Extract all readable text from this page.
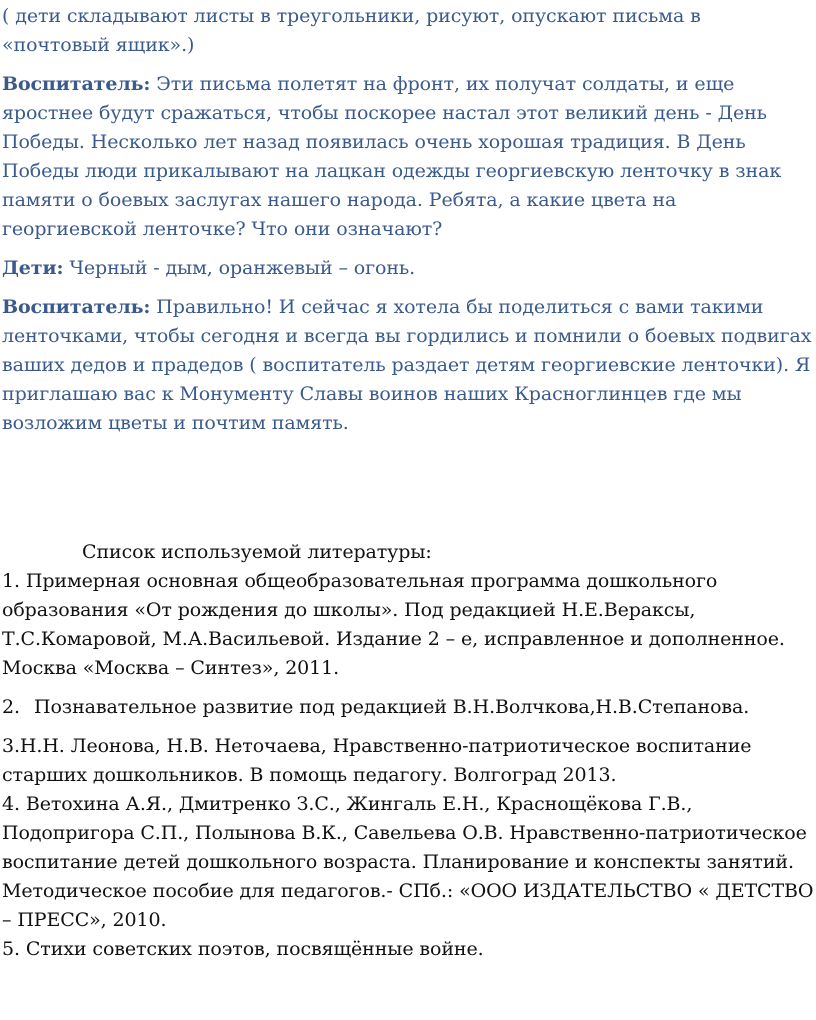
( дети складывают листы в треугольники, рисуют, опускают письма в «почтовый ящик».)

Воспитатель: Эти письма полетят на фронт, их получат солдаты, и еще яростнее будут сражаться, чтобы поскорее настал этот великий день - День Победы. Несколько лет назад появилась очень хорошая традиция. В День Победы люди прикалывают на лацкан одежды георгиевскую ленточку в знак памяти о боевых заслугах нашего народа. Ребята, а какие цвета на георгиевской ленточке? Что они означают?

Дети: Черный - дым, оранжевый – огонь.

Воспитатель: Правильно! И сейчас я хотела бы поделиться с вами такими ленточками, чтобы сегодня и всегда вы гордились и помнили о боевых подвигах ваших дедов и прадедов ( воспитатель раздает детям георгиевские ленточки). Я приглашаю вас к Монументу Славы воинов наших Красноглинцев где мы возложим цветы и почтим память.

Список используемой литературы:

1. Примерная основная общеобразовательная программа дошкольного образования «От рождения до школы». Под редакцией Н.Е.Вераксы, Т.С.Комаровой, М.А.Васильевой. Издание 2 – е, исправленное и дополненное. Москва «Москва – Синтез», 2011.

2. Познавательное развитие под редакцией В.Н.Волчкова,Н.В.Степанова.

3.Н.Н. Леонова, Н.В. Неточаева, Нравственно-патриотическое воспитание старших дошкольников. В помощь педагогу. Волгоград 2013.

4. Ветохина А.Я., Дмитренко З.С., Жингаль Е.Н., Краснощёкова Г.В., Подопригора С.П., Полынова В.К., Савельева О.В. Нравственно-патриотическое воспитание детей дошкольного возраста. Планирование и конспекты занятий. Методическое пособие для педагогов.- СПб.: «ООО ИЗДАТЕЛЬСТВО « ДЕТСТВО – ПРЕСС», 2010.

5. Стихи советских поэтов, посвящённые войне.
